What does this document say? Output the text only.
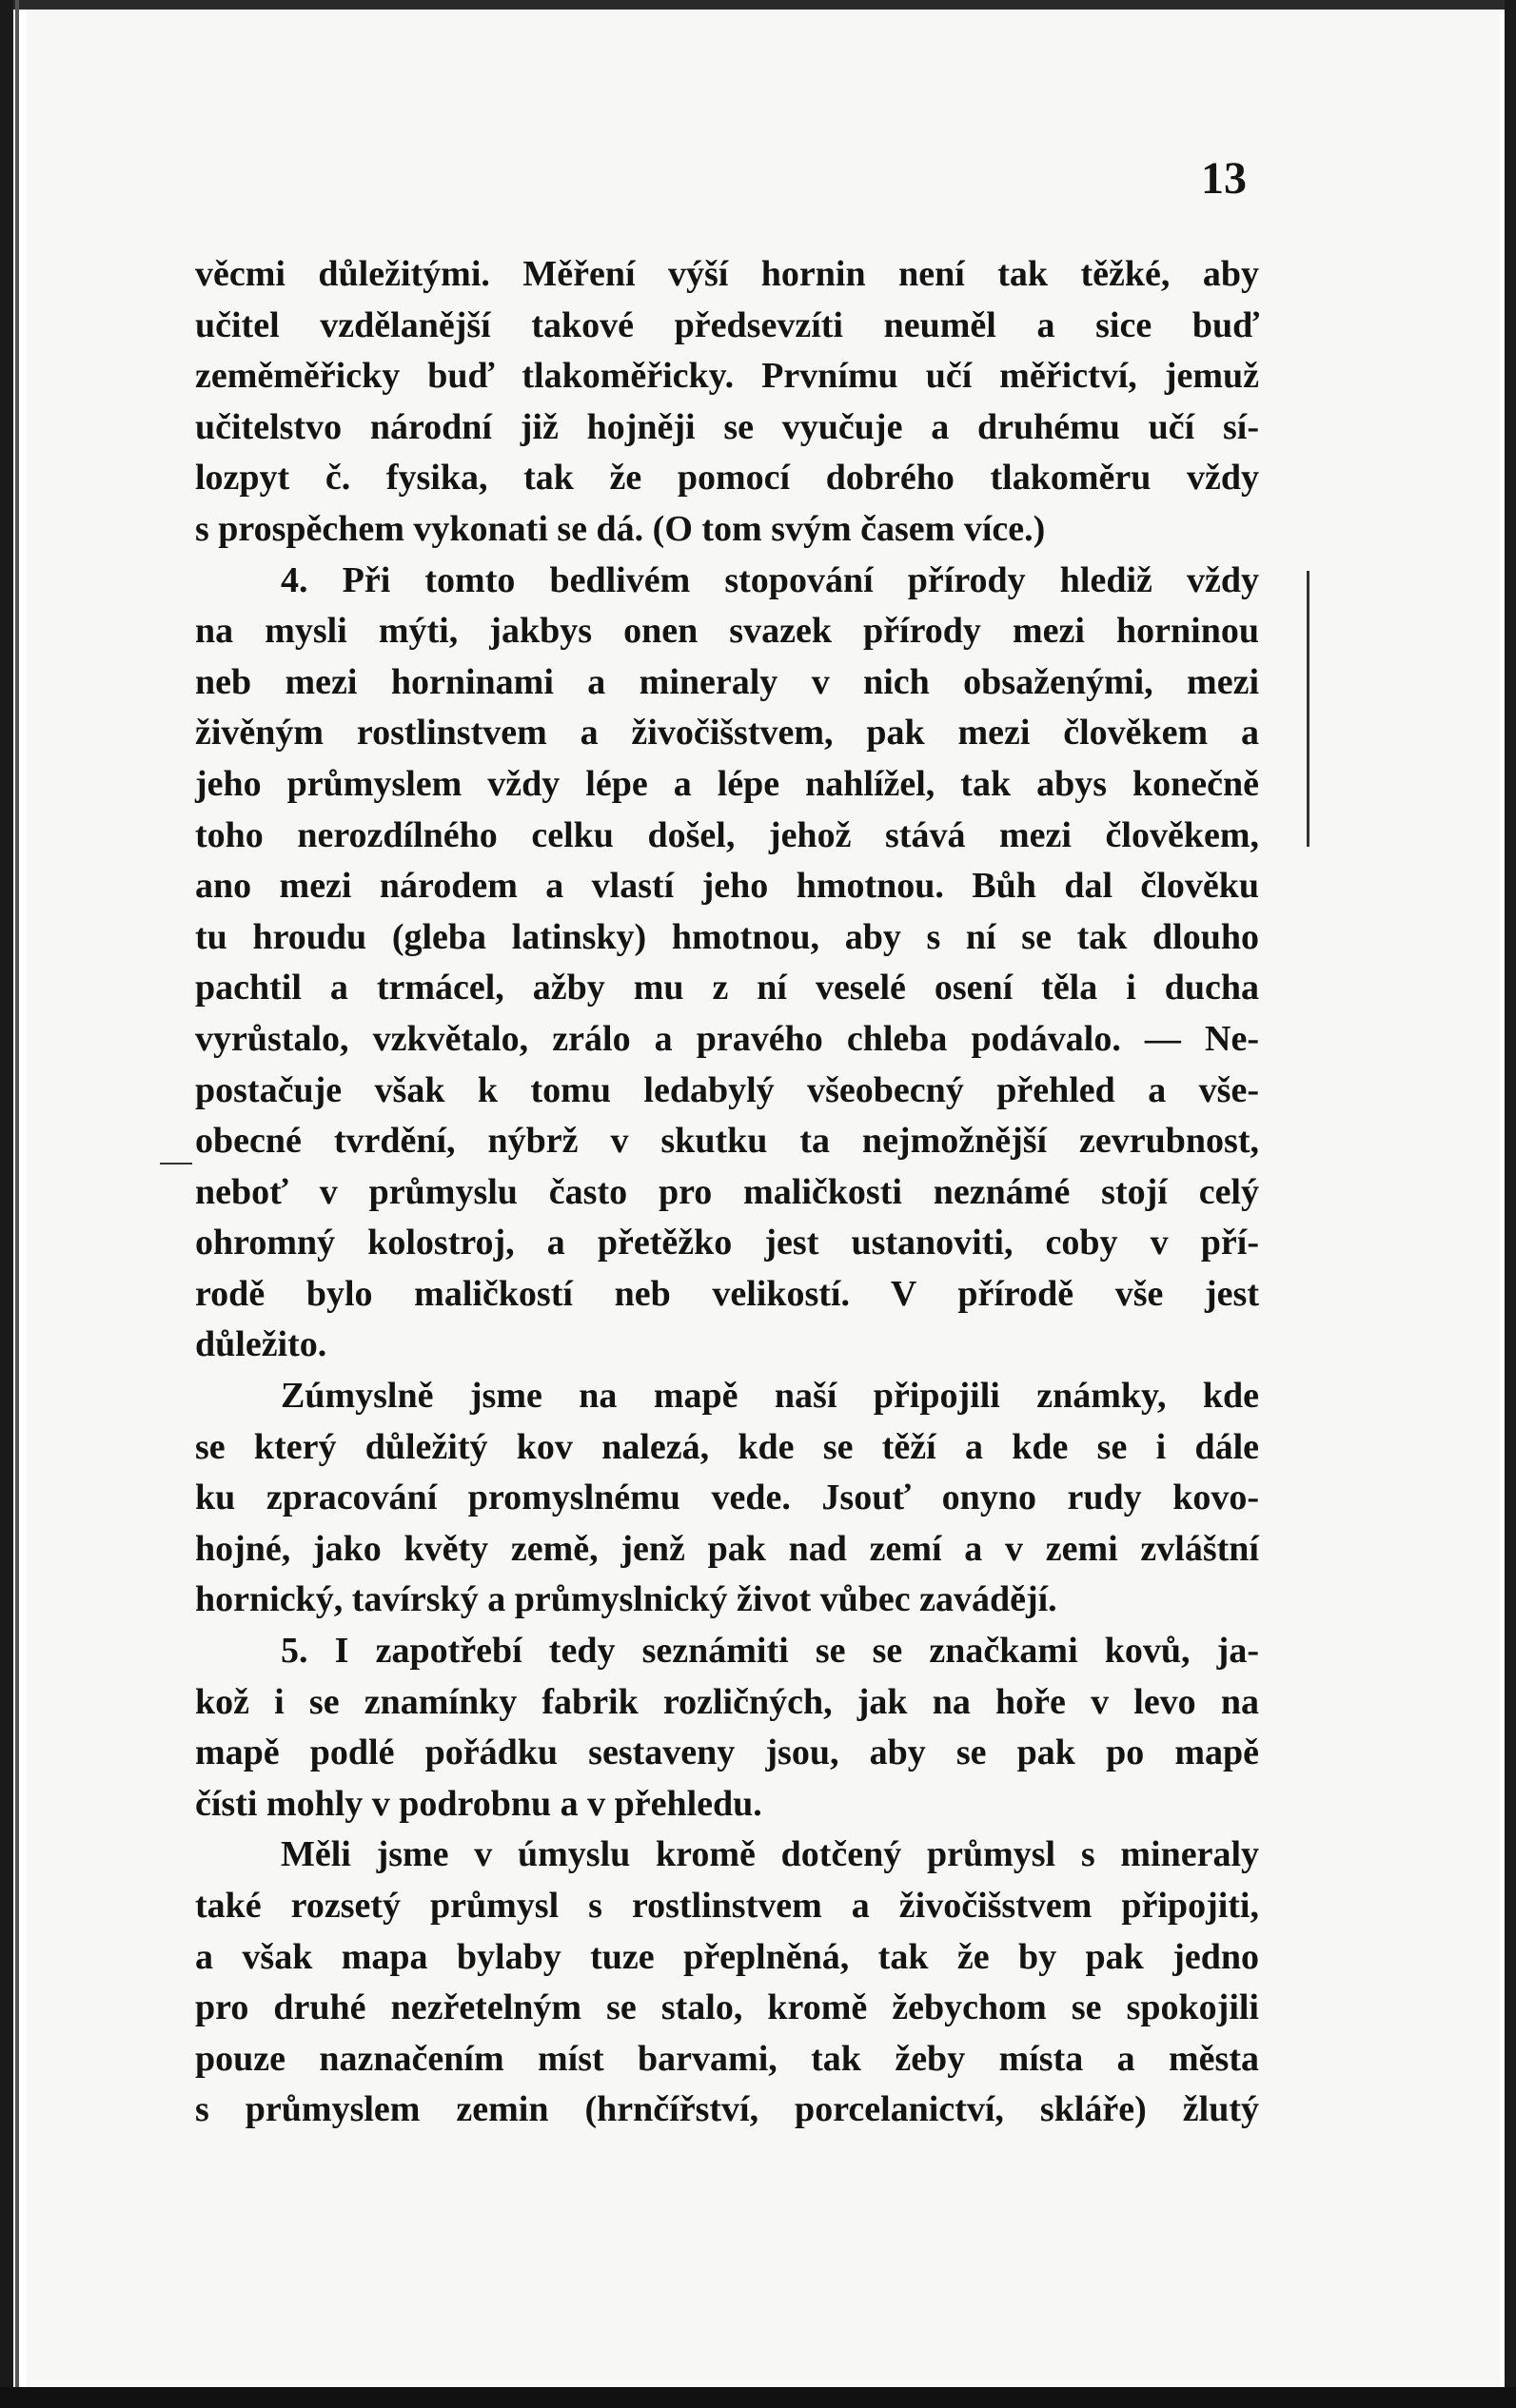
13
věcmi důležitými. Měření výší hornin není tak těžké, aby
učitel vzdělanější takové předsevzíti neuměl a sice buď
zeměměřicky buď tlakoměřicky. Prvnímu učí měřictví, jemuž
učitelstvo národní již hojněji se vyučuje a druhému učí sí-
lozpyt č. fysika, tak že pomocí dobrého tlakoměru vždy
s prospěchem vykonati se dá. (O tom svým časem více.)
4. Při tomto bedlivém stopování přírody hlediž vždy
na mysli mýti, jakbys onen svazek přírody mezi horninou
neb mezi horninami a mineraly v nich obsaženými, mezi
živěným rostlinstvem a živočišstvem, pak mezi člověkem a
jeho průmyslem vždy lépe a lépe nahlížel, tak abys konečně
toho nerozdílného celku došel, jehož stává mezi člověkem,
ano mezi národem a vlastí jeho hmotnou. Bůh dal člověku
tu hroudu (gleba latinsky) hmotnou, aby s ní se tak dlouho
pachtil a trmácel, ažby mu z ní veselé osení těla i ducha
vyrůstalo, vzkvětalo, zrálo a pravého chleba podávalo. — Ne-
postačuje však k tomu ledabylý všeobecný přehled a vše-
obecné tvrdění, nýbrž v skutku ta nejmožnější zevrubnost,
neboť v průmyslu často pro maličkosti neznámé stojí celý
ohromný kolostroj, a přetěžko jest ustanoviti, coby v pří-
rodě bylo maličkostí neb velikostí. V přírodě vše jest
důležito.
Zúmyslně jsme na mapě naší připojili známky, kde
se který důležitý kov nalezá, kde se těží a kde se i dále
ku zpracování promyslnému vede. Jsouť onyno rudy kovo-
hojné, jako květy země, jenž pak nad zemí a v zemi zvláštní
hornický, tavírský a průmyslnický život vůbec zavádějí.
5. I zapotřebí tedy seznámiti se se značkami kovů, ja-
kož i se znamínky fabrik rozličných, jak na hoře v levo na
mapě podlé pořádku sestaveny jsou, aby se pak po mapě
čísti mohly v podrobnu a v přehledu.
Měli jsme v úmyslu kromě dotčený průmysl s mineraly
také rozsetý průmysl s rostlinstvem a živočišstvem připojiti,
a však mapa bylaby tuze přeplněná, tak že by pak jedno
pro druhé nezřetelným se stalo, kromě žebychom se spokojili
pouze naznačením míst barvami, tak žeby místa a města
s průmyslem zemin (hrnčířství, porcelanictví, skláře) žlutý
